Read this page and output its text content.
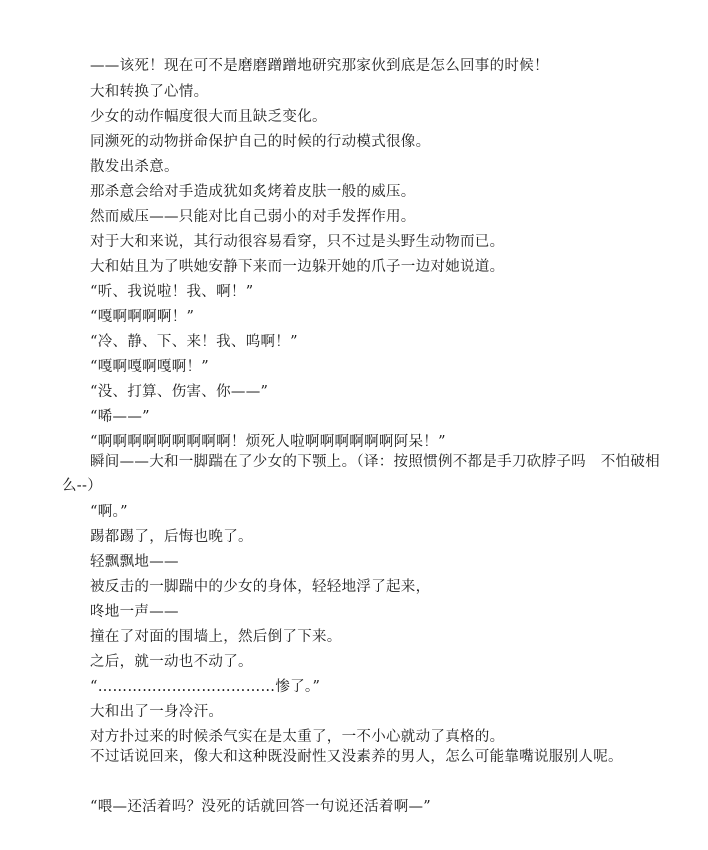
——该死！现在可不是磨磨蹭蹭地研究那家伙到底是怎么回事的时候！
大和转换了心情。
少女的动作幅度很大而且缺乏变化。
同濒死的动物拼命保护自己的时候的行动模式很像。
散发出杀意。
那杀意会给对手造成犹如炙烤着皮肤一般的威压。
然而威压——只能对比自己弱小的对手发挥作用。
对于大和来说，其行动很容易看穿，只不过是头野生动物而已。
大和姑且为了哄她安静下来而一边躲开她的爪子一边对她说道。
“听、我说啦！我、啊！”
“嘎啊啊啊啊！”
“冷、静、下、来！我、呜啊！”
“嘎啊嘎啊嘎啊！”
“没、打算、伤害、你——”
“唏——”
“啊啊啊啊啊啊啊啊啊！烦死人啦啊啊啊啊啊啊阿呆！”
瞬间——大和一脚踹在了少女的下颚上。（译：按照惯例不都是手刀砍脖子吗　不怕破相么--）
“啊。”
踢都踢了，后悔也晚了。
轻飘飘地——
被反击的一脚踹中的少女的身体，轻轻地浮了起来，
咚地一声——
撞在了对面的围墙上，然后倒了下来。
之后，就一动也不动了。
“………………………………惨了。”
大和出了一身冷汗。
对方扑过来的时候杀气实在是太重了，一不小心就动了真格的。
不过话说回来，像大和这种既没耐性又没素养的男人，怎么可能靠嘴说服别人呢。
“喂—还活着吗？没死的话就回答一句说还活着啊—”
